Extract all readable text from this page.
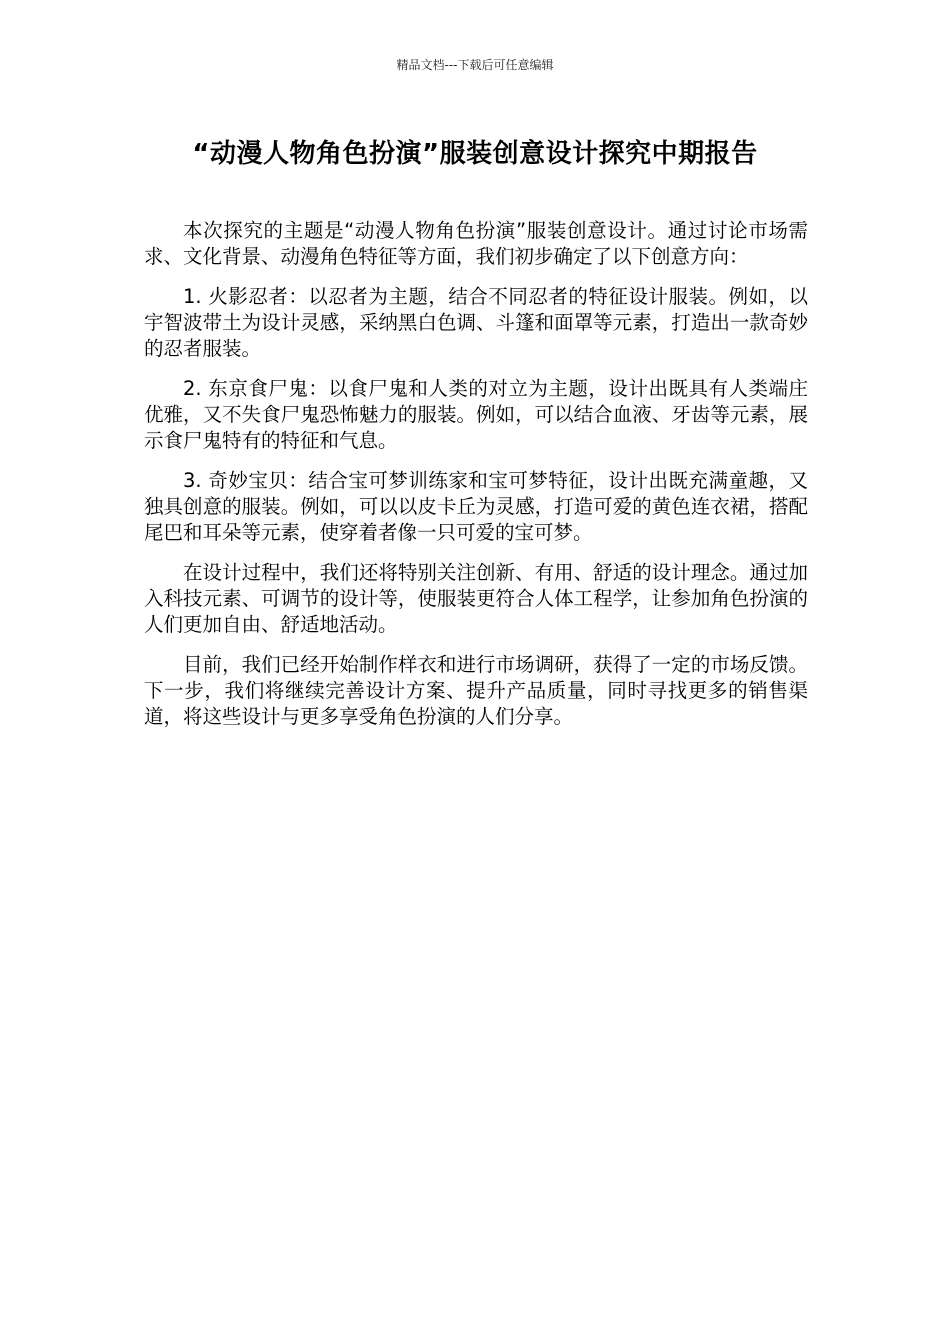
精品文档---下载后可任意编辑
“动漫人物角色扮演”服装创意设计探究中期报告

本次探究的主题是“动漫人物角色扮演”服装创意设计。通过讨论市场需求、文化背景、动漫角色特征等方面，我们初步确定了以下创意方向：

1. 火影忍者：以忍者为主题，结合不同忍者的特征设计服装。例如，以宇智波带土为设计灵感，采纳黑白色调、斗篷和面罩等元素，打造出一款奇妙的忍者服装。

2. 东京食尸鬼：以食尸鬼和人类的对立为主题，设计出既具有人类端庄优雅，又不失食尸鬼恐怖魅力的服装。例如，可以结合血液、牙齿等元素，展示食尸鬼特有的特征和气息。

3. 奇妙宝贝：结合宝可梦训练家和宝可梦特征，设计出既充满童趣，又独具创意的服装。例如，可以以皮卡丘为灵感，打造可爱的黄色连衣裙，搭配尾巴和耳朵等元素，使穿着者像一只可爱的宝可梦。

在设计过程中，我们还将特别关注创新、有用、舒适的设计理念。通过加入科技元素、可调节的设计等，使服装更符合人体工程学，让参加角色扮演的人们更加自由、舒适地活动。

目前，我们已经开始制作样衣和进行市场调研，获得了一定的市场反馈。下一步，我们将继续完善设计方案、提升产品质量，同时寻找更多的销售渠道，将这些设计与更多享受角色扮演的人们分享。
